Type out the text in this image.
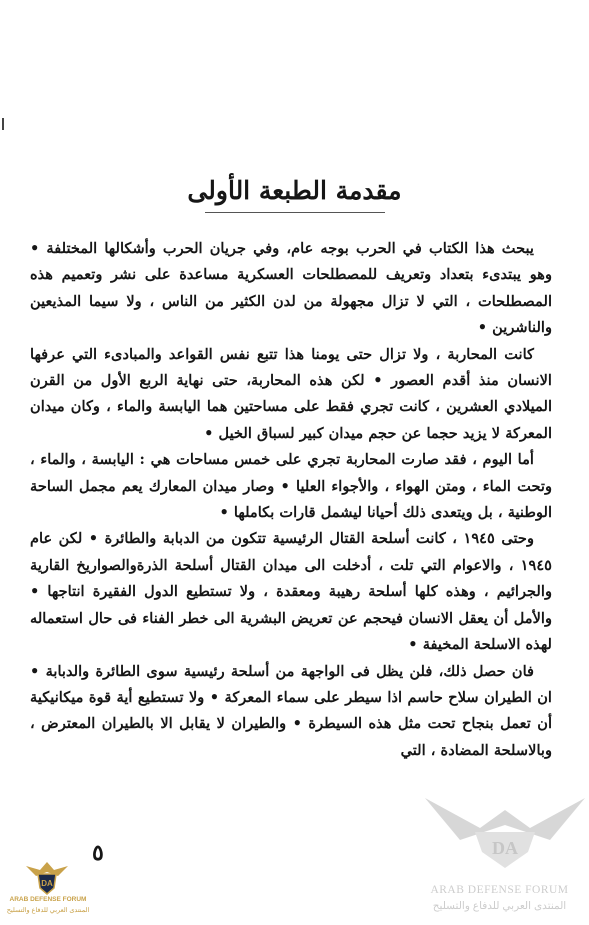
مقدمة الطبعة الأولى

يبحث هذا الكتاب في الحرب بوجه عام، وفي جريان الحرب وأشكالها المختلفة • وهو يبتدىء بتعداد وتعريف للمصطلحات العسكرية مساعدة على نشر وتعميم هذه المصطلحات ، التي لا تزال مجهولة من لدن الكثير من الناس ، ولا سيما المذيعين والناشرين •

كانت المحاربة ، ولا تزال حتى يومنا هذا تتبع نفس القواعد والمبادىء التي عرفها الانسان منذ أقدم العصور • لكن هذه المحاربة، حتى نهاية الربع الأول من القرن الميلادي العشرين ، كانت تجري فقط على مساحتين هما اليابسة والماء ، وكان ميدان المعركة لا يزيد حجما عن حجم ميدان كبير لسباق الخيل •

أما اليوم ، فقد صارت المحاربة تجري على خمس مساحات هي : اليابسة ، والماء ، وتحت الماء ، ومتن الهواء ، والأجواء العليا • وصار ميدان المعارك يعم مجمل الساحة الوطنية ، بل ويتعدى ذلك أحيانا ليشمل قارات بكاملها •

وحتى ١٩٤٥ ، كانت أسلحة القتال الرئيسية تتكون من الدبابة والطائرة • لكن عام ١٩٤٥ ، والاعوام التي تلت ، أدخلت الى ميدان القتال أسلحة الذرةوالصواريخ القارية والجرائيم ، وهذه كلها أسلحة رهيبة ومعقدة ، ولا تستطيع الدول الفقيرة انتاجها • والأمل أن يعقل الانسان فيحجم عن تعريض البشرية الى خطر الفناء فى حال استعماله لهذه الاسلحة المخيفة •

فان حصل ذلك، فلن يظل فى الواجهة من أسلحة رئيسية سوى الطائرة والدبابة • ان الطيران سلاح حاسم اذا سيطر على سماء المعركة • ولا تستطيع أية قوة ميكانيكية أن تعمل بنجاح تحت مثل هذه السيطرة • والطيران لا يقابل الا بالطيران المعترض ، وبالاسلحة المضادة ، التي

٥
DA
ARAB DEFENSE FORUM
المنتدى العربي للدفاع والتسليح
DA
ARAB DEFENSE FORUM
المنتدى العربي للدفاع والتسليح
